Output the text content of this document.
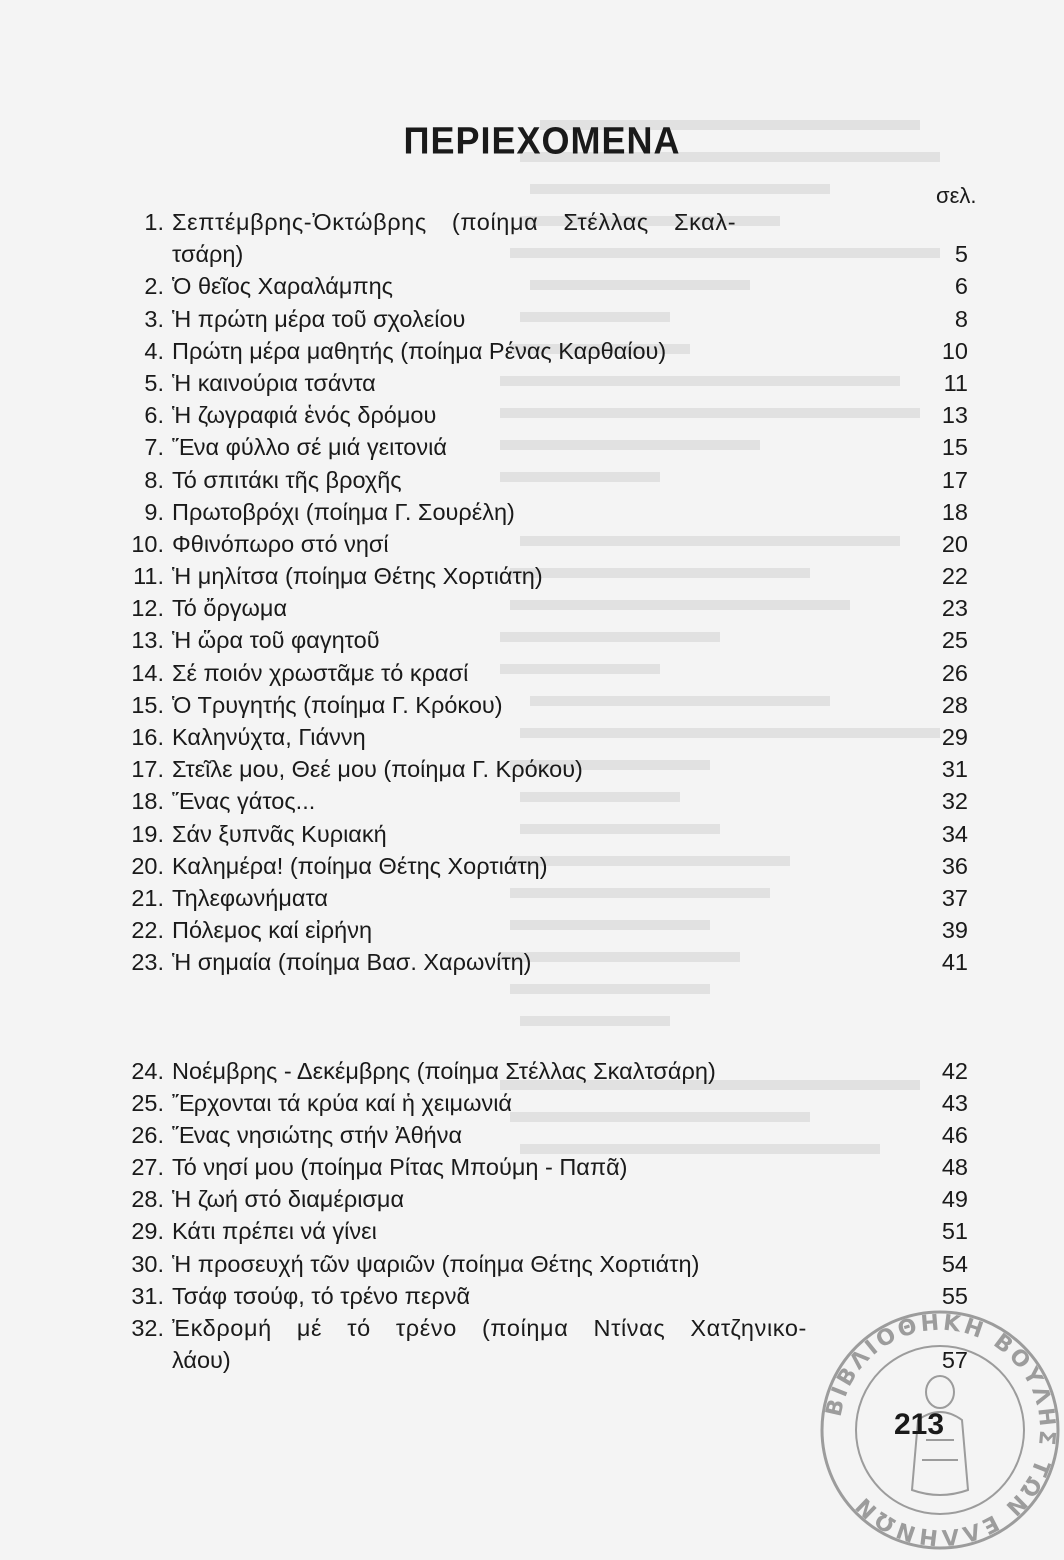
ΠΕΡΙΕΧΟΜΕΝΑ
σελ.
1. Σεπτέμβρης-Ὀκτώβρης (ποίημα Στέλλας Σκαλ-
τσάρη)	5
2. Ὁ θεῖος Χαραλάμπης	6
3. Ἡ πρώτη μέρα τοῦ σχολείου	8
4. Πρώτη μέρα μαθητής (ποίημα Ρένας Καρθαίου)	10
5. Ἡ καινούρια τσάντα	11
6. Ἡ ζωγραφιά ἑνός δρόμου	13
7. Ἕνα φύλλο σέ μιά γειτονιά	15
8. Τό σπιτάκι τῆς βροχῆς	17
9. Πρωτοβρόχι (ποίημα Γ. Σουρέλη)	18
10. Φθινόπωρο στό νησί	20
11. Ἡ μηλίτσα (ποίημα Θέτης Χορτιάτη)	22
12. Τό ὄργωμα	23
13. Ἡ ὥρα τοῦ φαγητοῦ	25
14. Σέ ποιόν χρωστᾶμε τό κρασί	26
15. Ὁ Τρυγητής (ποίημα Γ. Κρόκου)	28
16. Καληνύχτα, Γιάννη	29
17. Στεῖλε μου, Θεέ μου (ποίημα Γ. Κρόκου)	31
18. Ἕνας γάτος...	32
19. Σάν ξυπνᾶς Κυριακή	34
20. Καλημέρα! (ποίημα Θέτης Χορτιάτη)	36
21. Τηλεφωνήματα	37
22. Πόλεμος καί εἰρήνη	39
23. Ἡ σημαία (ποίημα Βασ. Χαρωνίτη)	41
24. Νοέμβρης - Δεκέμβρης (ποίημα Στέλλας Σκαλτσάρη)	42
25. Ἔρχονται τά κρύα καί ἡ χειμωνιά	43
26. Ἕνας νησιώτης στήν Ἀθήνα	46
27. Τό νησί μου (ποίημα Ρίτας Μπούμη - Παπᾶ)	48
28. Ἡ ζωή στό διαμέρισμα	49
29. Κάτι πρέπει νά γίνει	51
30. Ἡ προσευχή τῶν ψαριῶν (ποίημα Θέτης Χορτιάτη)	54
31. Τσάφ τσούφ, τό τρένο περνᾶ	55
32. Ἐκδρομή μέ τό τρένο (ποίημα Ντίνας Χατζηνικο-
λάου)	57
ΒΙΒΛΙΟΘΗΚΗ ΒΟΥΛΗΣ ΤΩΝ ΕΛΛΗΝΩΝ
213
